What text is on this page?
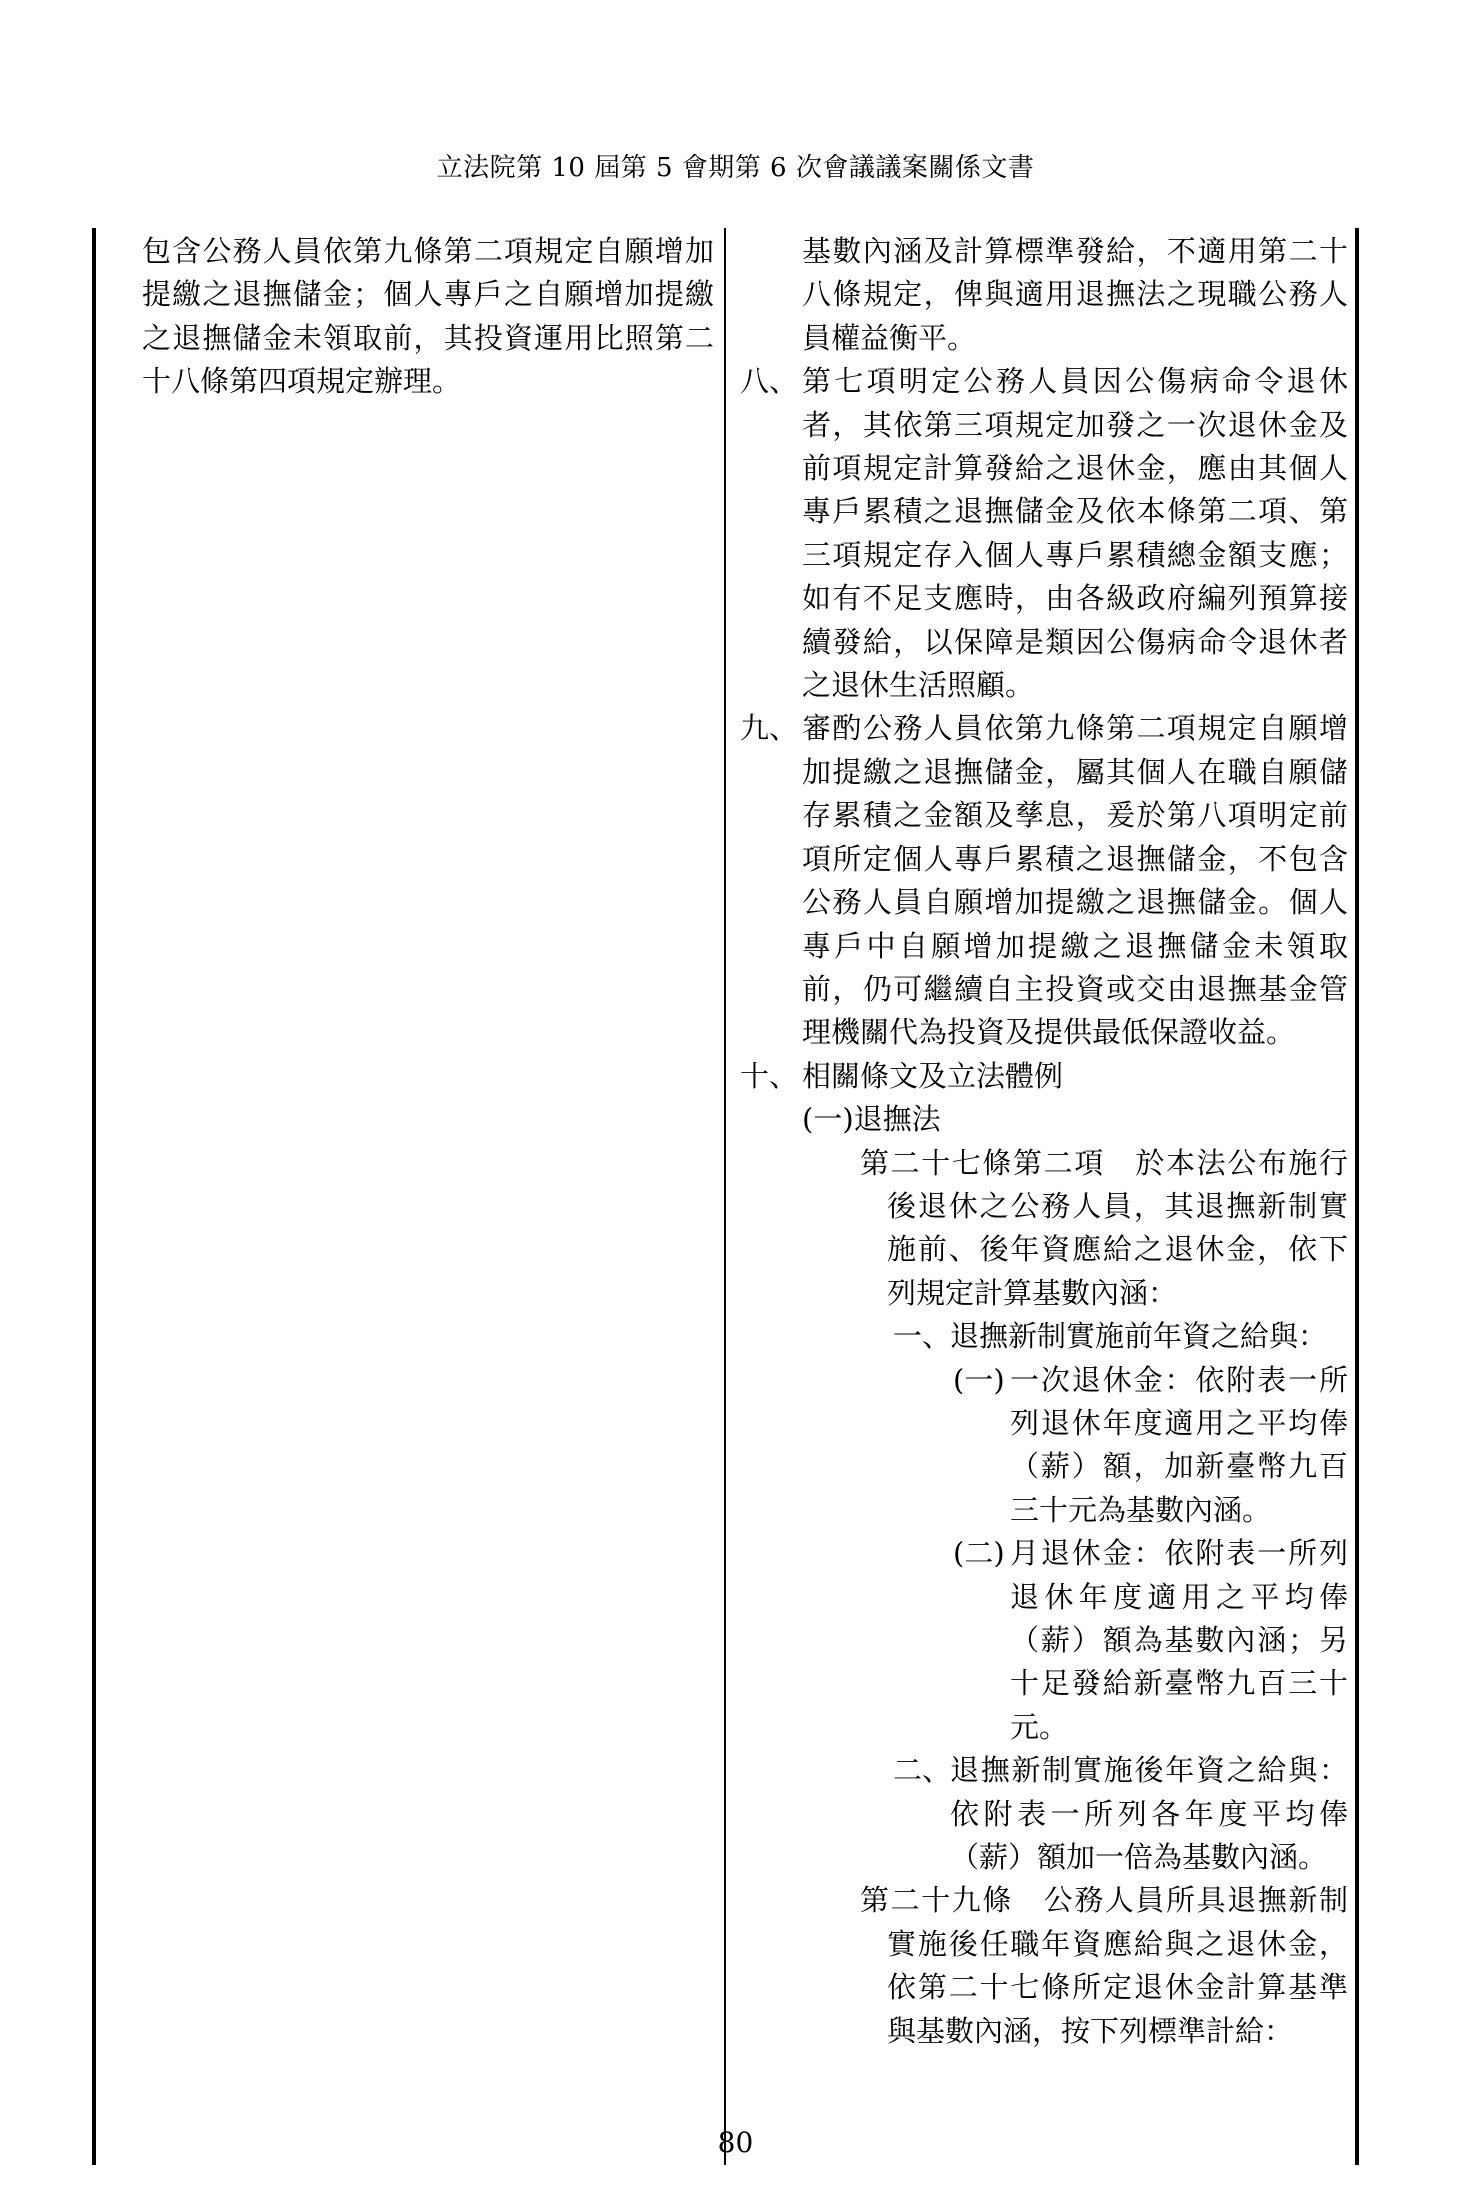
立法院第 10 屆第 5 會期第 6 次會議議案關係文書

包含公務人員依第九條第二項規定自願增加提繳之退撫儲金；個人專戶之自願增加提繳之退撫儲金未領取前，其投資運用比照第二十八條第四項規定辦理。

基數內涵及計算標準發給，不適用第二十八條規定，俾與適用退撫法之現職公務人員權益衡平。
八、 第七項明定公務人員因公傷病命令退休者，其依第三項規定加發之一次退休金及前項規定計算發給之退休金，應由其個人專戶累積之退撫儲金及依本條第二項、第三項規定存入個人專戶累積總金額支應；如有不足支應時，由各級政府編列預算接續發給，以保障是類因公傷病命令退休者之退休生活照顧。
九、 審酌公務人員依第九條第二項規定自願增加提繳之退撫儲金，屬其個人在職自願儲存累積之金額及孳息，爰於第八項明定前項所定個人專戶累積之退撫儲金，不包含公務人員自願增加提繳之退撫儲金。個人專戶中自願增加提繳之退撫儲金未領取前，仍可繼續自主投資或交由退撫基金管理機關代為投資及提供最低保證收益。
十、 相關條文及立法體例
(一)退撫法
第二十七條第二項　於本法公布施行後退休之公務人員，其退撫新制實施前、後年資應給之退休金，依下列規定計算基數內涵：
一、
退撫新制實施前年資之給與：
(一) 一次退休金：依附表一所列退休年度適用之平均俸（薪）額，加新臺幣九百三十元為基數內涵。
(二) 月退休金：依附表一所列退休年度適用之平均俸（薪）額為基數內涵；另十足發給新臺幣九百三十元。
二、
退撫新制實施後年資之給與：依附表一所列各年度平均俸（薪）額加一倍為基數內涵。
第二十九條　公務人員所具退撫新制實施後任職年資應給與之退休金，依第二十七條所定退休金計算基準與基數內涵，按下列標準計給：
80
